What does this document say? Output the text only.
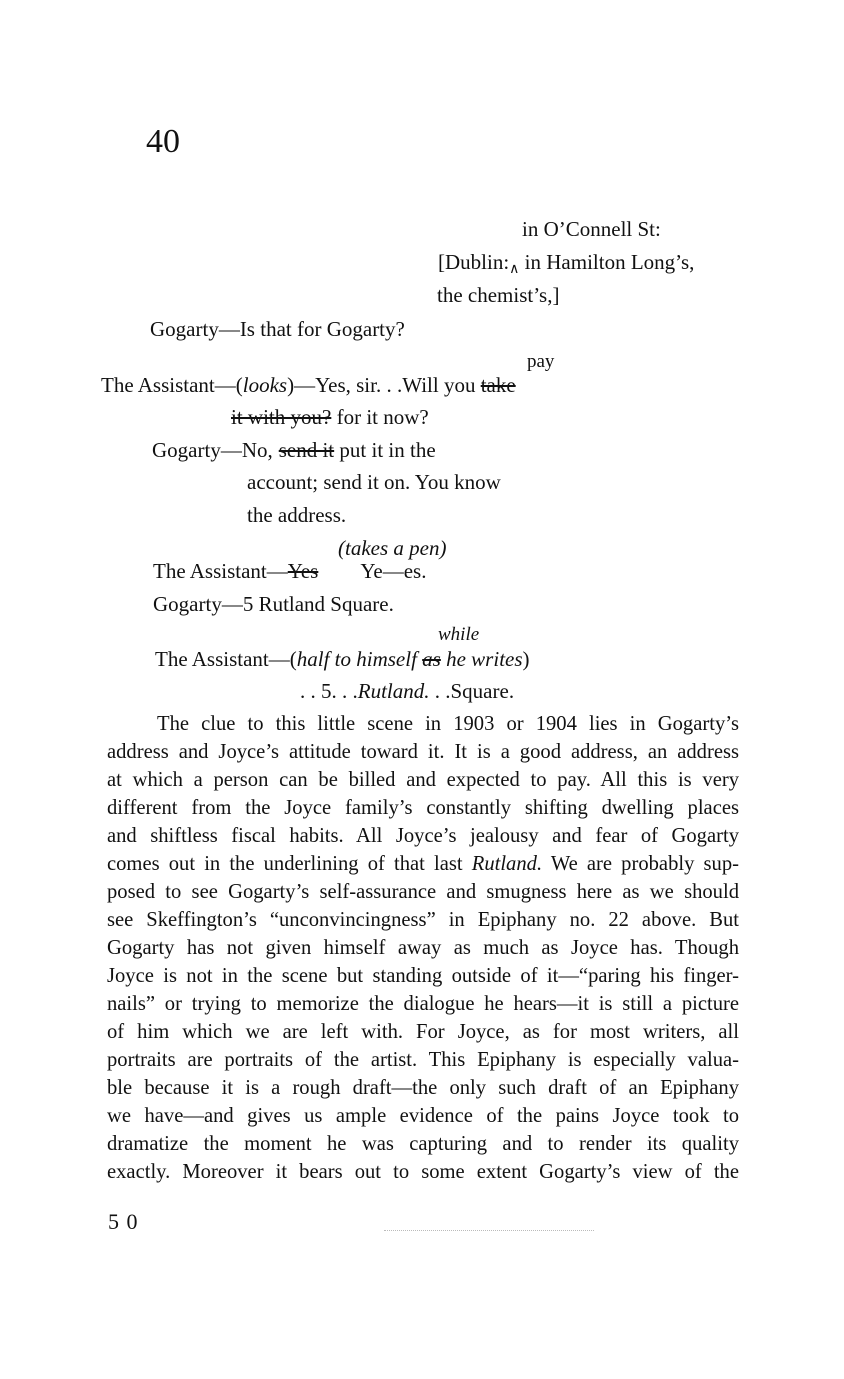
40
in O’Connell St:
[Dublin:∧ in Hamilton Long’s,
the chemist’s,]
Gogarty—Is that for Gogarty?
pay
The Assistant—(looks)—Yes, sir. . .Will you take
it with you? for it now?
Gogarty—No, send it put it in the
account; send it on. You know
the address.
(takes a pen)
The Assistant—Yes Ye—es.
Gogarty—5 Rutland Square.
while
The Assistant—(half to himself as he writes)
. . 5. . .Rutland. . .Square.
The clue to this little scene in 1903 or 1904 lies in Gogarty’s
address and Joyce’s attitude toward it. It is a good address, an address
at which a person can be billed and expected to pay. All this is very
different from the Joyce family’s constantly shifting dwelling places
and shiftless fiscal habits. All Joyce’s jealousy and fear of Gogarty
comes out in the underlining of that last Rutland. We are probably sup-
posed to see Gogarty’s self-assurance and smugness here as we should
see Skeffington’s “unconvincingness” in Epiphany no. 22 above. But
Gogarty has not given himself away as much as Joyce has. Though
Joyce is not in the scene but standing outside of it—“paring his finger-
nails” or trying to memorize the dialogue he hears—it is still a picture
of him which we are left with. For Joyce, as for most writers, all
portraits are portraits of the artist. This Epiphany is especially valua-
ble because it is a rough draft—the only such draft of an Epiphany
we have—and gives us ample evidence of the pains Joyce took to
dramatize the moment he was capturing and to render its quality
exactly. Moreover it bears out to some extent Gogarty’s view of the
5 0
